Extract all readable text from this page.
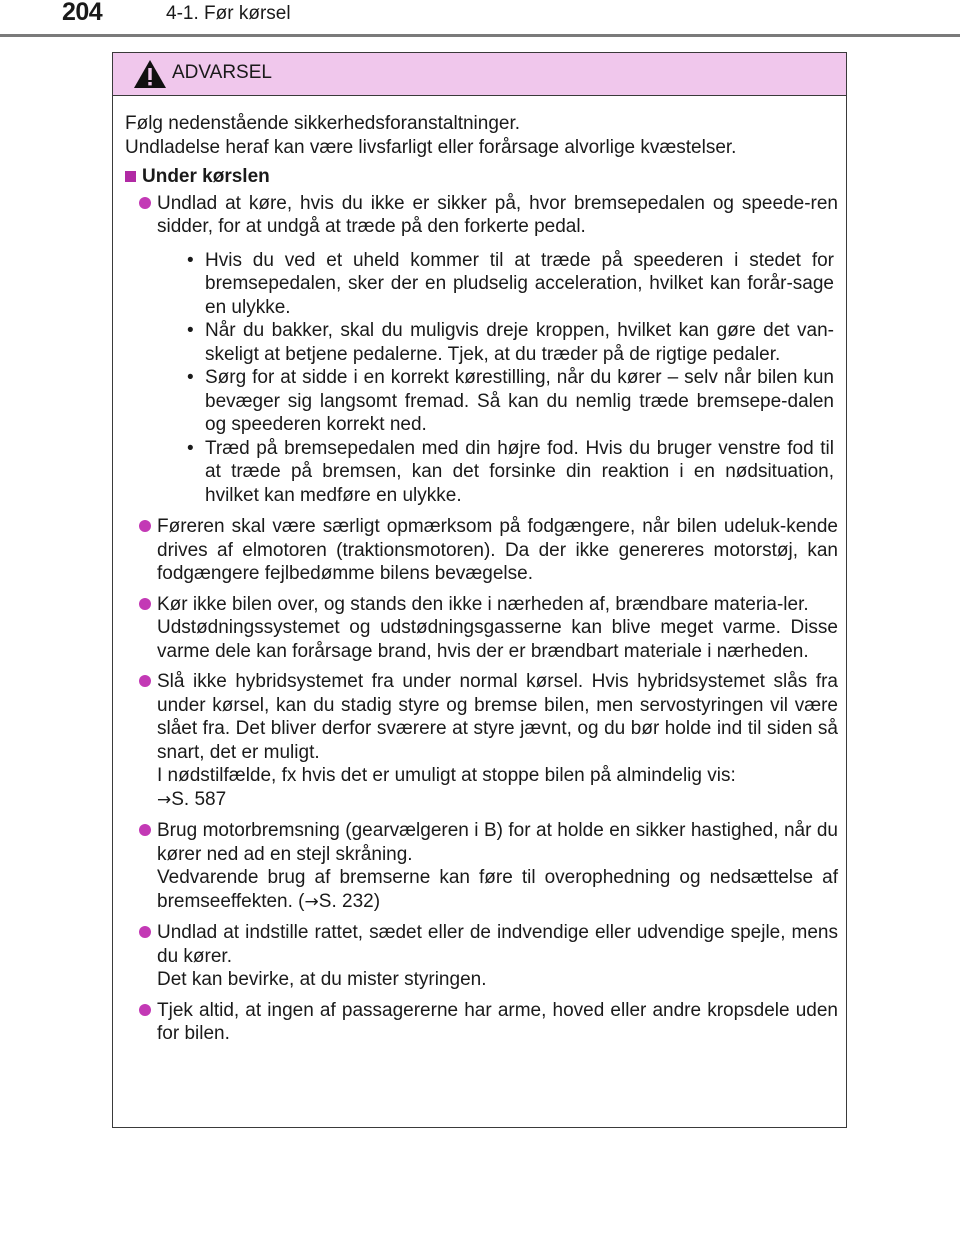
204	4-1. Før kørsel
ADVARSEL

Følg nedenstående sikkerhedsforanstaltninger.

Undladelse heraf kan være livsfarligt eller forårsage alvorlige kvæstelser.

Under kørslen

Undlad at køre, hvis du ikke er sikker på, hvor bremsepedalen og speede-ren sidder, for at undgå at træde på den forkerte pedal.

• Hvis du ved et uheld kommer til at træde på speederen i stedet for bremsepedalen, sker der en pludselig acceleration, hvilket kan forår-sage en ulykke.
• Når du bakker, skal du muligvis dreje kroppen, hvilket kan gøre det van-skeligt at betjene pedalerne. Tjek, at du træder på de rigtige pedaler.
• Sørg for at sidde i en korrekt kørestilling, når du kører – selv når bilen kun bevæger sig langsomt fremad. Så kan du nemlig træde bremsepe-dalen og speederen korrekt ned.
• Træd på bremsepedalen med din højre fod. Hvis du bruger venstre fod til at træde på bremsen, kan det forsinke din reaktion i en nødsituation, hvilket kan medføre en ulykke.

Føreren skal være særligt opmærksom på fodgængere, når bilen udeluk-kende drives af elmotoren (traktionsmotoren). Da der ikke genereres motorstøj, kan fodgængere fejlbedømme bilens bevægelse.

Kør ikke bilen over, og stands den ikke i nærheden af, brændbare materia-ler.

Udstødningssystemet og udstødningsgasserne kan blive meget varme. Disse varme dele kan forårsage brand, hvis der er brændbart materiale i nærheden.

Slå ikke hybridsystemet fra under normal kørsel. Hvis hybridsystemet slås fra under kørsel, kan du stadig styre og bremse bilen, men servostyringen vil være slået fra. Det bliver derfor sværere at styre jævnt, og du bør holde ind til siden så snart, det er muligt.

I nødstilfælde, fx hvis det er umuligt at stoppe bilen på almindelig vis:

→S. 587

Brug motorbremsning (gearvælgeren i B) for at holde en sikker hastighed, når du kører ned ad en stejl skråning.

Vedvarende brug af bremserne kan føre til overophedning og nedsættelse af bremseeffekten. (→S. 232)

Undlad at indstille rattet, sædet eller de indvendige eller udvendige spejle, mens du kører.

Det kan bevirke, at du mister styringen.

Tjek altid, at ingen af passagererne har arme, hoved eller andre kropsdele uden for bilen.
